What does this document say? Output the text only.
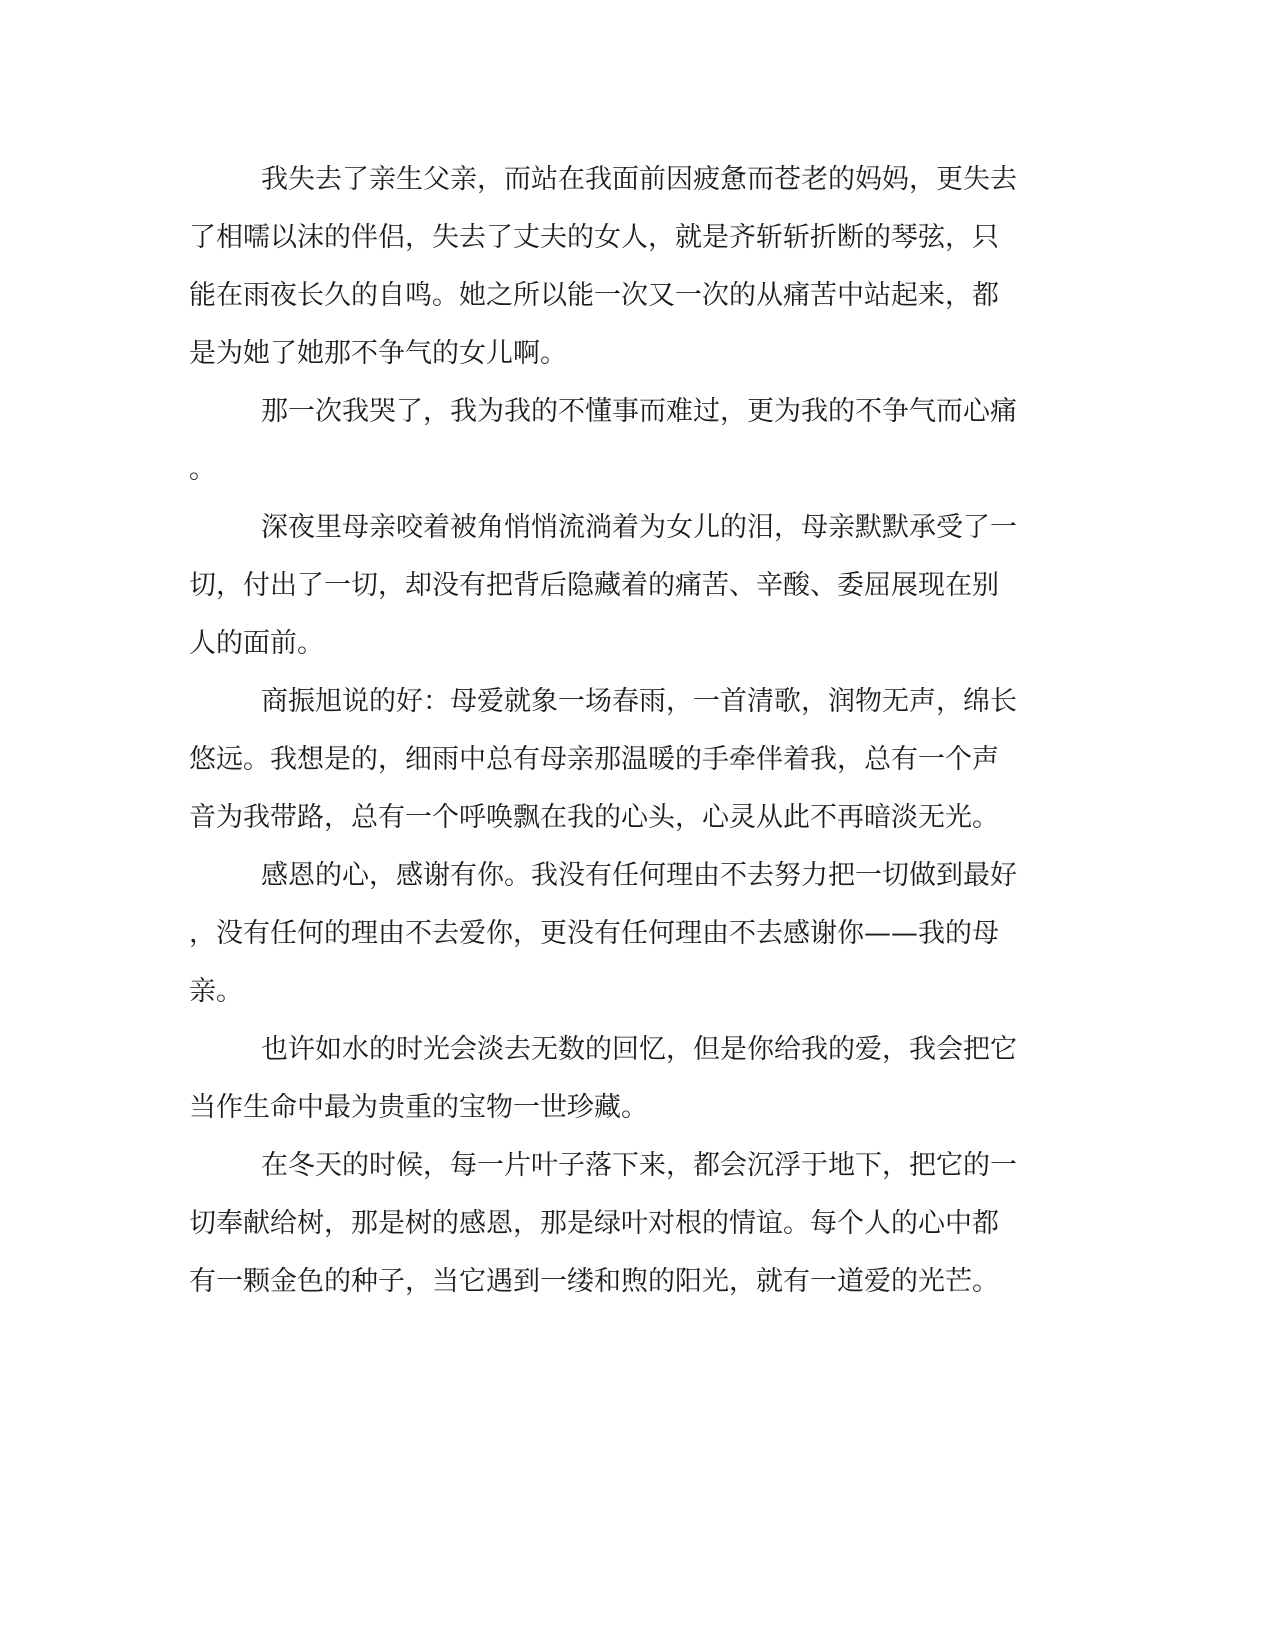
我失去了亲生父亲，而站在我面前因疲惫而苍老的妈妈，更失去
了相嚅以沫的伴侣，失去了丈夫的女人，就是齐斩斩折断的琴弦，只
能在雨夜长久的自鸣。她之所以能一次又一次的从痛苦中站起来，都
是为她了她那不争气的女儿啊。
那一次我哭了，我为我的不懂事而难过，更为我的不争气而心痛
。
深夜里母亲咬着被角悄悄流淌着为女儿的泪，母亲默默承受了一
切，付出了一切，却没有把背后隐藏着的痛苦、辛酸、委屈展现在别
人的面前。
商振旭说的好：母爱就象一场春雨，一首清歌，润物无声，绵长
悠远。我想是的，细雨中总有母亲那温暖的手牵伴着我，总有一个声
音为我带路，总有一个呼唤飘在我的心头，心灵从此不再暗淡无光。
感恩的心，感谢有你。我没有任何理由不去努力把一切做到最好
，没有任何的理由不去爱你，更没有任何理由不去感谢你——我的母
亲。
也许如水的时光会淡去无数的回忆，但是你给我的爱，我会把它
当作生命中最为贵重的宝物一世珍藏。
在冬天的时候，每一片叶子落下来，都会沉浮于地下，把它的一
切奉献给树，那是树的感恩，那是绿叶对根的情谊。每个人的心中都
有一颗金色的种子，当它遇到一缕和煦的阳光，就有一道爱的光芒。
